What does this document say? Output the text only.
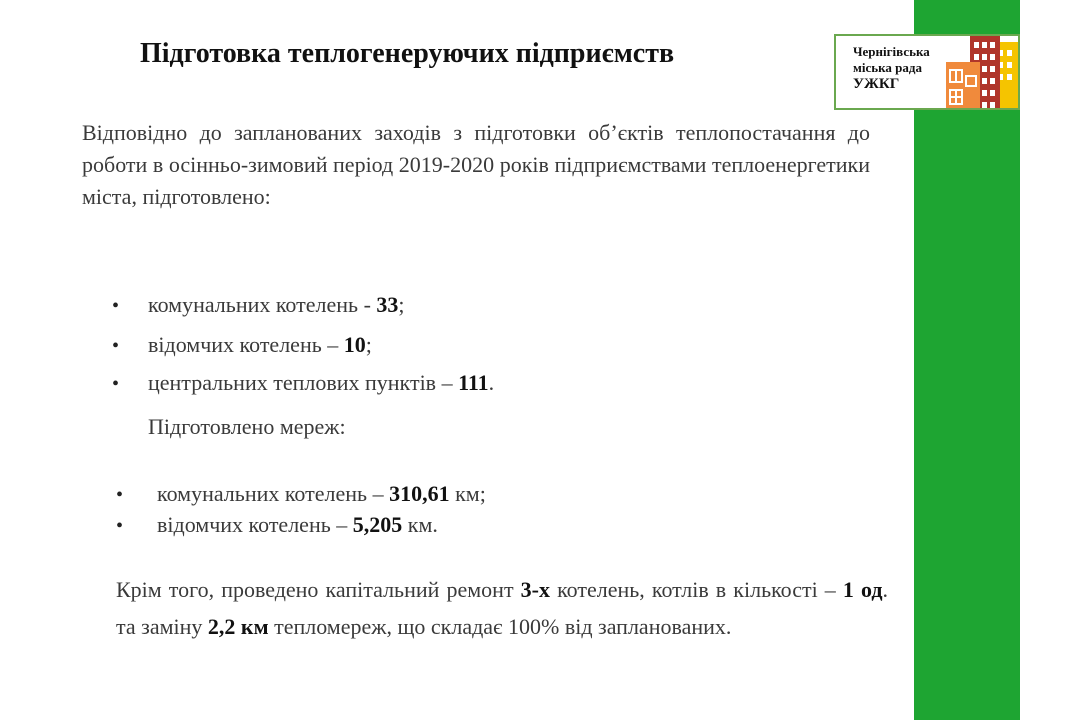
Підготовка теплогенеруючих підприємств	Чернігівська
міська рада
УЖКГ
Відповідно до запланованих заходів з підготовки об’єктів теплопостачання до роботи в осінньо-зимовий період 2019-2020 років підприємствами теплоенергетики міста, підготовлено:
• комунальних котелень - 33;
• відомчих котелень – 10;
• центральних теплових пунктів – 111.
Підготовлено мереж:
• комунальних котелень – 310,61 км;
• відомчих котелень – 5,205 км.
Крім того, проведено капітальний ремонт 3-х котелень, котлів в кількості – 1 од. та заміну 2,2 км тепломереж, що складає 100% від запланованих.
